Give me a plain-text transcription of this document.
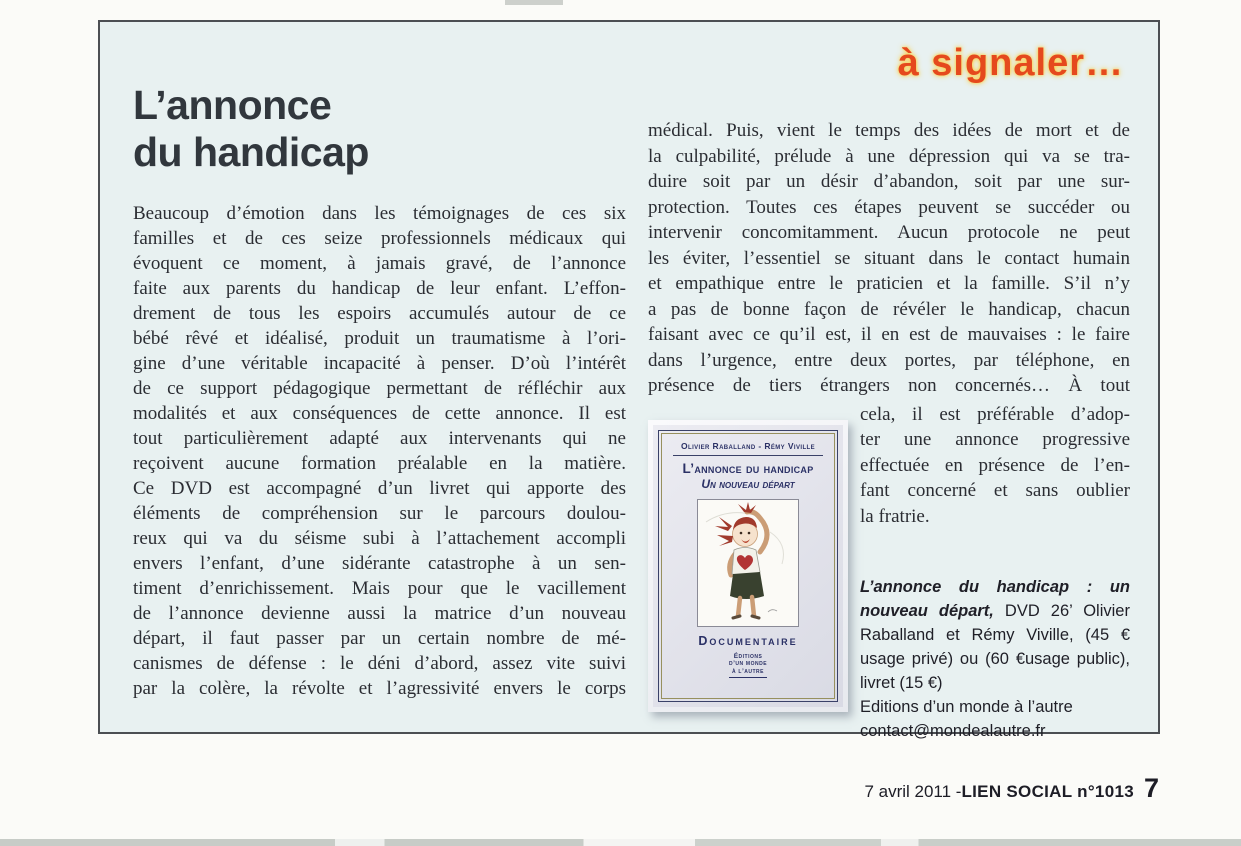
à signaler…
L’annonce
du handicap
Beaucoup d’émotion dans les témoignages de ces six
familles et de ces seize professionnels médicaux qui
évoquent ce moment, à jamais gravé, de l’annonce
faite aux parents du handicap de leur enfant. L’effon-
drement de tous les espoirs accumulés autour de ce
bébé rêvé et idéalisé, produit un traumatisme à l’ori-
gine d’une véritable incapacité à penser. D’où l’intérêt
de ce support pédagogique permettant de réfléchir aux
modalités et aux conséquences de cette annonce. Il est
tout particulièrement adapté aux intervenants qui ne
reçoivent aucune formation préalable en la matière.
Ce DVD est accompagné d’un livret qui apporte des
éléments de compréhension sur le parcours doulou-
reux qui va du séisme subi à l’attachement accompli
envers l’enfant, d’une sidérante catastrophe à un sen-
timent d’enrichissement. Mais pour que le vacillement
de l’annonce devienne aussi la matrice d’un nouveau
départ, il faut passer par un certain nombre de mé-
canismes de défense : le déni d’abord, assez vite suivi
par la colère, la révolte et l’agressivité envers le corps
médical. Puis, vient le temps des idées de mort et de
la culpabilité, prélude à une dépression qui va se tra-
duire soit par un désir d’abandon, soit par une sur-
protection. Toutes ces étapes peuvent se succéder ou
intervenir concomitamment. Aucun protocole ne peut
les éviter, l’essentiel se situant dans le contact humain
et empathique entre le praticien et la famille. S’il n’y
a pas de bonne façon de révéler le handicap, chacun
faisant avec ce qu’il est, il en est de mauvaises : le faire
dans l’urgence, entre deux portes, par téléphone, en
présence de tiers étrangers non concernés… À tout
Olivier Raballand - Rémy Viville
L’annonce du handicap
Un nouveau départ
Documentaire
Éditions
d’un monde
à l’autre
cela, il est préférable d’adop-
ter une annonce progressive
effectuée en présence de l’en-
fant concerné et sans oublier
la fratrie.

L’annonce du handicap : un nouveau départ, DVD 26’ Olivier Raballand et Rémy Viville, (45 € usage privé) ou (60 €usage public), livret (15 €)

Editions d’un monde à l’autre

contact@mondealautre.fr

7 avril 2011 - LIEN SOCIAL n°1013 7
